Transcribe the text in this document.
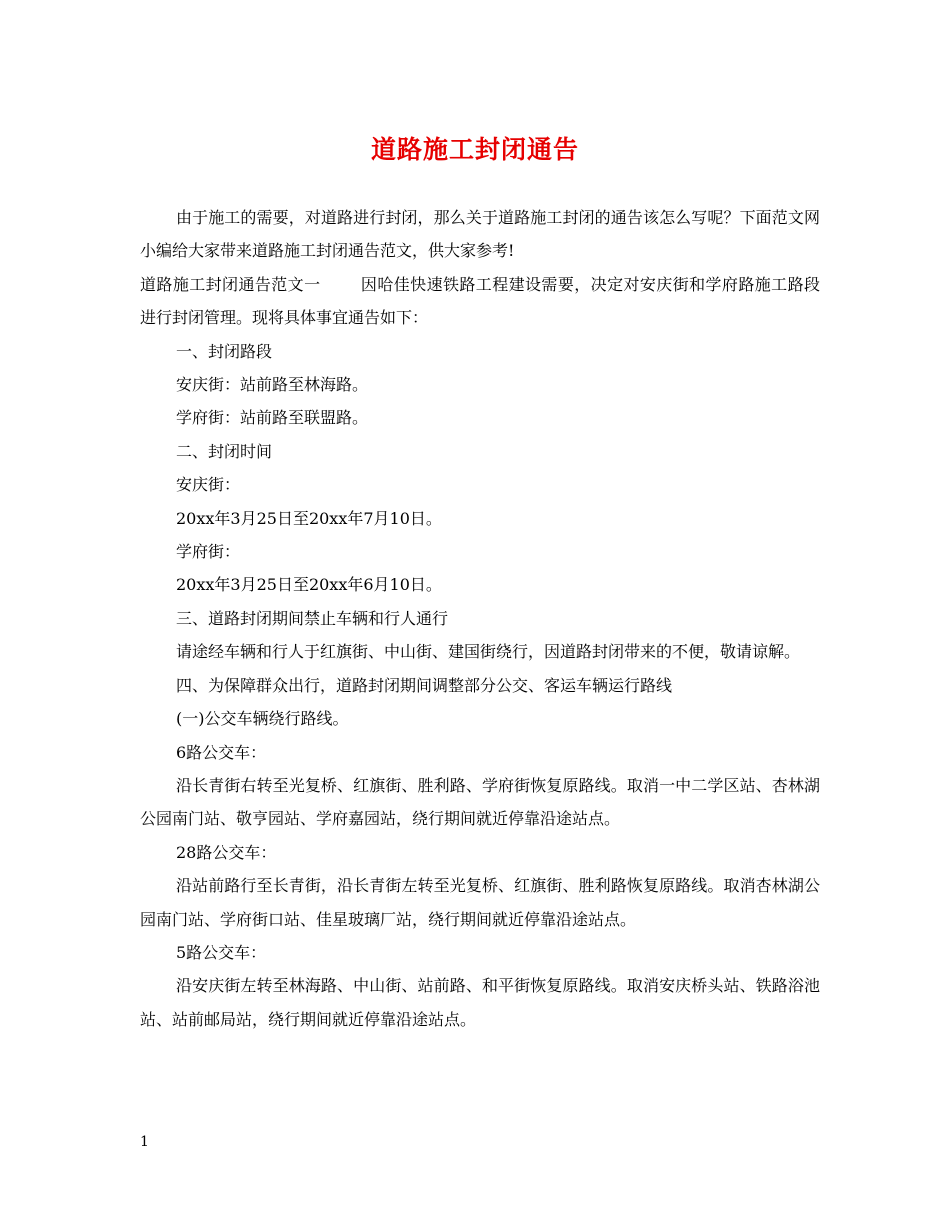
道路施工封闭通告

由于施工的需要，对道路进行封闭，那么关于道路施工封闭的通告该怎么写呢？下面范文网小编给大家带来道路施工封闭通告范文，供大家参考!

道路施工封闭通告范文一	因哈佳快速铁路工程建设需要，决定对安庆街和学府路施工路段进行封闭管理。现将具体事宜通告如下：

一、封闭路段

安庆街：站前路至林海路。

学府街：站前路至联盟路。

二、封闭时间

安庆街：

20xx年3月25日至20xx年7月10日。

学府街：

20xx年3月25日至20xx年6月10日。

三、道路封闭期间禁止车辆和行人通行

请途经车辆和行人于红旗街、中山街、建国街绕行，因道路封闭带来的不便，敬请谅解。

四、为保障群众出行，道路封闭期间调整部分公交、客运车辆运行路线

(一)公交车辆绕行路线。

6路公交车：

沿长青街右转至光复桥、红旗街、胜利路、学府街恢复原路线。取消一中二学区站、杏林湖公园南门站、敬亨园站、学府嘉园站，绕行期间就近停靠沿途站点。

28路公交车：

沿站前路行至长青街，沿长青街左转至光复桥、红旗街、胜利路恢复原路线。取消杏林湖公园南门站、学府街口站、佳星玻璃厂站，绕行期间就近停靠沿途站点。

5路公交车：

沿安庆街左转至林海路、中山街、站前路、和平街恢复原路线。取消安庆桥头站、铁路浴池站、站前邮局站，绕行期间就近停靠沿途站点。

1
